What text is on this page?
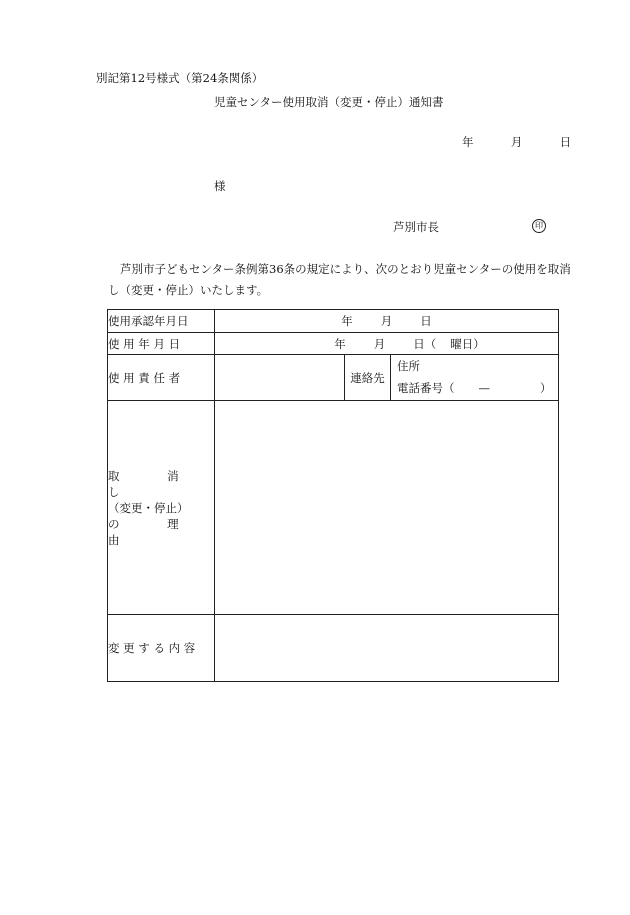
別記第12号様式（第24条関係）
児童センター使用取消（変更・停止）通知書
年	月	日
様
芦別市長	印
芦別市子どもセンター条例第36条の規定により、次のとおり児童センターの使用を取消し（変更・停止）いたします。
使用承認年月日	年 月 日		
使 用 年 月 日	年 月 日（ 曜日）		
使 用 責 任 者		連絡先	住所
電話番号（ — ）

取 消 し
（変更・停止）
の 理 由			

変 更 す る 内 容			
